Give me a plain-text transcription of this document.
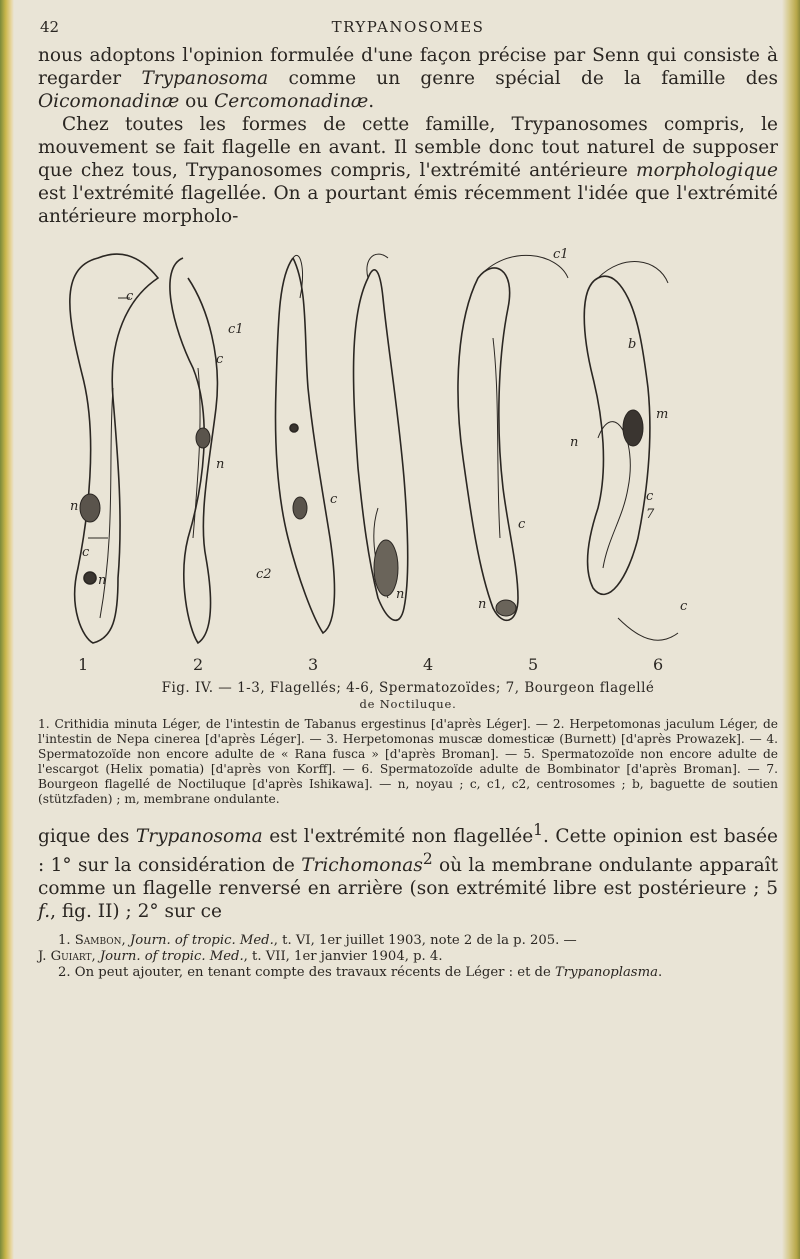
42	TRYPANOSOMES

nous adoptons l'opinion formulée d'une façon précise par Senn qui consiste à regarder Trypanosoma comme un genre spécial de la famille des Oicomonadinæ ou Cercomonadinæ.

Chez toutes les formes de cette famille, Trypanosomes compris, le mouvement se fait flagelle en avant. Il semble donc tout naturel de supposer que chez tous, Trypanosomes compris, l'extrémité antérieure morphologique est l'extrémité flagellée. On a pourtant émis récemment l'idée que l'extrémité antérieure morpholo-

c
n
c
n
c1
c
n
c2
c
n
n
c
c1
m
b
n
c
7
c
1	2	3	4	5	6
Fig. IV. — 1-3, Flagellés; 4-6, Spermatozoïdes; 7, Bourgeon flagellé
de Noctiluque.
1. Crithidia minuta Léger, de l'intestin de Tabanus ergestinus [d'après Léger]. — 2. Herpetomonas jaculum Léger, de l'intestin de Nepa cinerea [d'après Léger]. — 3. Herpetomonas muscæ domesticæ (Burnett) [d'après Prowazek]. — 4. Spermatozoïde non encore adulte de « Rana fusca » [d'après Broman]. — 5. Spermatozoïde non encore adulte de l'escargot (Helix pomatia) [d'après von Korff]. — 6. Spermatozoïde adulte de Bombinator [d'après Broman]. — 7. Bourgeon flagellé de Noctiluque [d'après Ishikawa]. — n, noyau ; c, c1, c2, centrosomes ; b, baguette de soutien (stützfaden) ; m, membrane ondulante.
gique des Trypanosoma est l'extrémité non flagellée$^1$. Cette opinion est basée : 1° sur la considération de Trichomonas$^2$ où la membrane ondulante apparaît comme un flagelle renversé en arrière (son extrémité libre est postérieure ; 5 f., fig. II) ; 2° sur ce
1. Sambon, Journ. of tropic. Med., t. VI, 1er juillet 1903, note 2 de la p. 205. —
J. Guiart, Journ. of tropic. Med., t. VII, 1er janvier 1904, p. 4.
2. On peut ajouter, en tenant compte des travaux récents de Léger : et de Trypanoplasma.
